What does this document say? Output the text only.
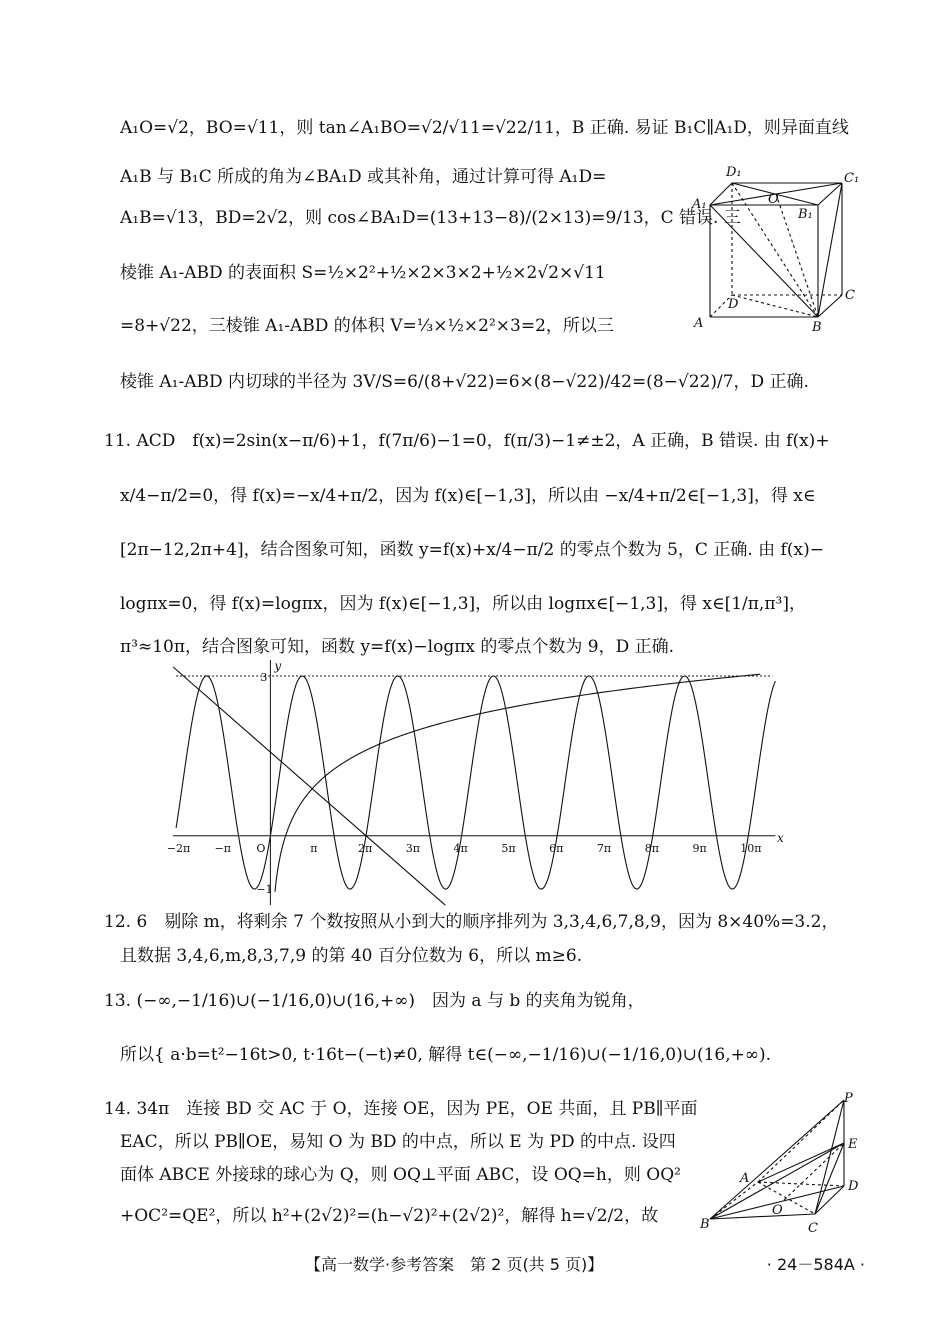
A₁O=√2，BO=√11，则 tan∠A₁BO=√2/√11=√22/11，B 正确. 易证 B₁C∥A₁D，则异面直线
A₁B 与 B₁C 所成的角为∠BA₁D 或其补角，通过计算可得 A₁D=
A₁B=√13，BD=2√2，则 cos∠BA₁D=(13+13−8)/(2×13)=9/13，C 错误. 三
棱锥 A₁-ABD 的表面积 S=½×2²+½×2×3×2+½×2√2×√11
=8+√22，三棱锥 A₁-ABD 的体积 V=⅓×½×2²×3=2，所以三
棱锥 A₁-ABD 内切球的半径为 3V/S=6/(8+√22)=6×(8−√22)/42=(8−√22)/7，D 正确.
11. ACD　f(x)=2sin(x−π/6)+1，f(7π/6)−1=0，f(π/3)−1≠±2，A 正确，B 错误. 由 f(x)+
x/4−π/2=0，得 f(x)=−x/4+π/2，因为 f(x)∈[−1,3]，所以由 −x/4+π/2∈[−1,3]，得 x∈
[2π−12,2π+4]，结合图象可知，函数 y=f(x)+x/4−π/2 的零点个数为 5，C 正确. 由 f(x)−
logπx=0，得 f(x)=logπx，因为 f(x)∈[−1,3]，所以由 logπx∈[−1,3]，得 x∈[1/π,π³]，
π³≈10π，结合图象可知，函数 y=f(x)−logπx 的零点个数为 9，D 正确.
D₁	C₁
A₁	O
B₁
D
C
A	B
−2π −π O	π	2π	3π	4π	5π	6π	7π	8π	9π	10π
x
y
3
−1
12. 6　剔除 m，将剩余 7 个数按照从小到大的顺序排列为 3,3,4,6,7,8,9，因为 8×40%=3.2，
且数据 3,4,6,m,8,3,7,9 的第 40 百分位数为 6，所以 m≥6.
13. (−∞,−1/16)∪(−1/16,0)∪(16,+∞)　因为 a 与 b 的夹角为锐角，
所以{ a·b=t²−16t>0, t·16t−(−t)≠0, 解得 t∈(−∞,−1/16)∪(−1/16,0)∪(16,+∞).
14. 34π　连接 BD 交 AC 于 O，连接 OE，因为 PE，OE 共面，且 PB∥平面
EAC，所以 PB∥OE，易知 O 为 BD 的中点，所以 E 为 PD 的中点. 设四
面体 ABCE 外接球的球心为 Q，则 OQ⊥平面 ABC，设 OQ=h，则 OQ²
+OC²=QE²，所以 h²+(2√2)²=(h−√2)²+(2√2)²，解得 h=√2/2，故
P
E
A
D
O
B	C
【高一数学·参考答案　第 2 页(共 5 页)】	· 24－584A ·
